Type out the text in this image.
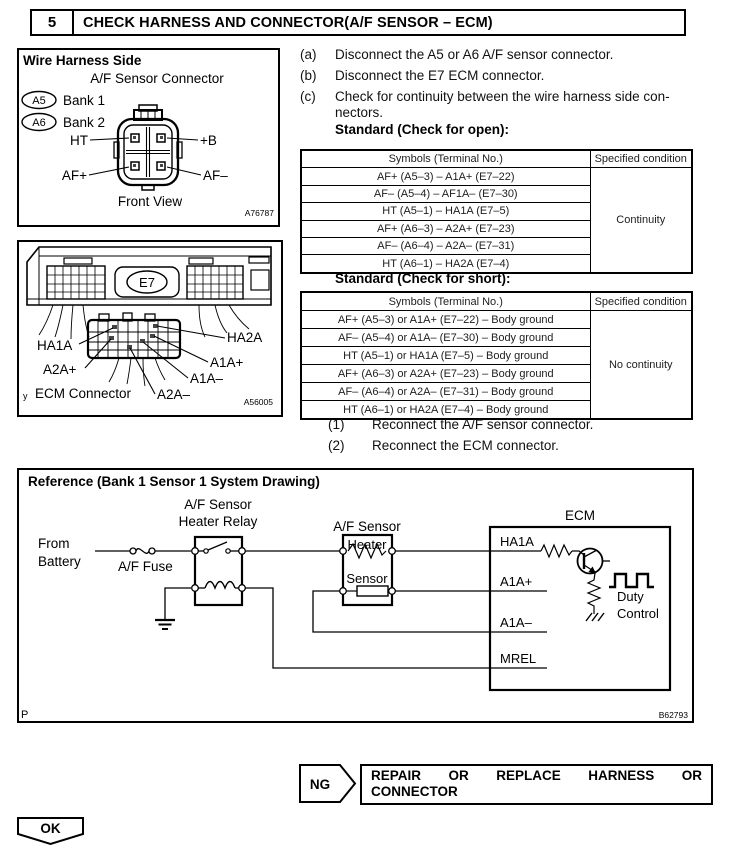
5	CHECK HARNESS AND CONNECTOR(A/F SENSOR – ECM)
Wire Harness Side
A/F Sensor Connector
A5 Bank 1
A6 Bank 2
HT	+B
AF+	AF–
Front View
A76787
E7
HA1A
HA2A
A2A+	A1A+
A1A–
A2A–
y ECM Connector
A56005
(a) Disconnect the A5 or A6 A/F sensor connector.
(b) Disconnect the E7 ECM connector.
(c) Check for continuity between the wire harness side con-
nectors.
Standard (Check for open):
Symbols (Terminal No.)	Specified condition
AF+ (A5–3) – A1A+ (E7–22)	Continuity
AF– (A5–4) – AF1A– (E7–30)	
HT (A5–1) – HA1A (E7–5)	
AF+ (A6–3) – A2A+ (E7–23)	
AF– (A6–4) – A2A– (E7–31)	
HT (A6–1) – HA2A (E7–4)	
Standard (Check for short):
Symbols (Terminal No.)	Specified condition
AF+ (A5–3) or A1A+ (E7–22) – Body ground	No continuity
AF– (A5–4) or A1A– (E7–30) – Body ground	
HT (A5–1) or HA1A (E7–5) – Body ground	
AF+ (A6–3) or A2A+ (E7–23) – Body ground	
AF– (A6–4) or A2A– (E7–31) – Body ground	
HT (A6–1) or HA2A (E7–4) – Body ground	
(1) Reconnect the A/F sensor connector.
(2) Reconnect the ECM connector.
Reference (Bank 1 Sensor 1 System Drawing)
From
Battery	A/F Fuse
A/F Sensor
Heater Relay	A/F Sensor
Heater
Sensor
ECM
HA1A
A1A+
A1A–
MREL
Duty
Control
P	B62793
NG
REPAIR OR REPLACE HARNESS OR
CONNECTOR
OK
